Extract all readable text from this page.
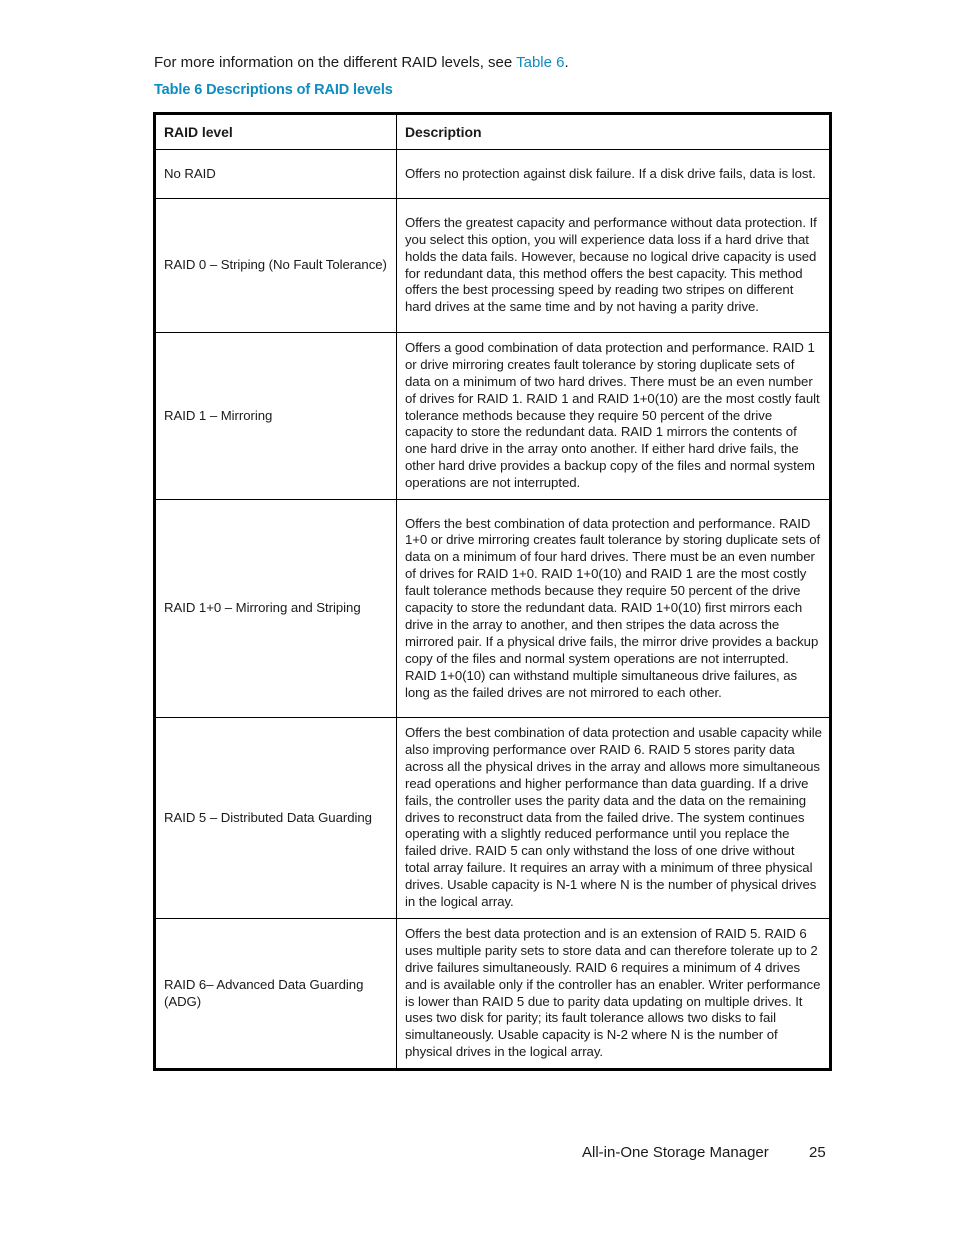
For more information on the different RAID levels, see Table 6.

Table 6 Descriptions of RAID levels

RAID level	Description
No RAID	Offers no protection against disk failure. If a disk drive fails, data is lost.
RAID 0 – Striping (No Fault Tolerance)	Offers the greatest capacity and performance without data protection. If you select this option, you will experience data loss if a hard drive that holds the data fails. However, because no logical drive capacity is used for redundant data, this method offers the best capacity. This method offers the best processing speed by reading two stripes on different hard drives at the same time and by not having a parity drive.
RAID 1 – Mirroring	Offers a good combination of data protection and performance. RAID 1 or drive mirroring creates fault tolerance by storing duplicate sets of data on a minimum of two hard drives. There must be an even number of drives for RAID 1. RAID 1 and RAID 1+0(10) are the most costly fault tolerance methods because they require 50 percent of the drive capacity to store the redundant data. RAID 1 mirrors the contents of one hard drive in the array onto another. If either hard drive fails, the other hard drive provides a backup copy of the files and normal system operations are not interrupted.
RAID 1+0 – Mirroring and Striping	Offers the best combination of data protection and performance. RAID 1+0 or drive mirroring creates fault tolerance by storing duplicate sets of data on a minimum of four hard drives. There must be an even number of drives for RAID 1+0. RAID 1+0(10) and RAID 1 are the most costly fault tolerance methods because they require 50 percent of the drive capacity to store the redundant data. RAID 1+0(10) first mirrors each drive in the array to another, and then stripes the data across the mirrored pair. If a physical drive fails, the mirror drive provides a backup copy of the files and normal system operations are not interrupted. RAID 1+0(10) can withstand multiple simultaneous drive failures, as long as the failed drives are not mirrored to each other.
RAID 5 – Distributed Data Guarding	Offers the best combination of data protection and usable capacity while also improving performance over RAID 6. RAID 5 stores parity data across all the physical drives in the array and allows more simultaneous read operations and higher performance than data guarding. If a drive fails, the controller uses the parity data and the data on the remaining drives to reconstruct data from the failed drive. The system continues operating with a slightly reduced performance until you replace the failed drive. RAID 5 can only withstand the loss of one drive without total array failure. It requires an array with a minimum of three physical drives. Usable capacity is N-1 where N is the number of physical drives in the logical array.
RAID 6– Advanced Data Guarding (ADG)	Offers the best data protection and is an extension of RAID 5. RAID 6 uses multiple parity sets to store data and can therefore tolerate up to 2 drive failures simultaneously. RAID 6 requires a minimum of 4 drives and is available only if the controller has an enabler. Writer performance is lower than RAID 5 due to parity data updating on multiple drives. It uses two disk for parity; its fault tolerance allows two disks to fail simultaneously. Usable capacity is N-2 where N is the number of physical drives in the logical array.

All-in-One Storage Manager	25
